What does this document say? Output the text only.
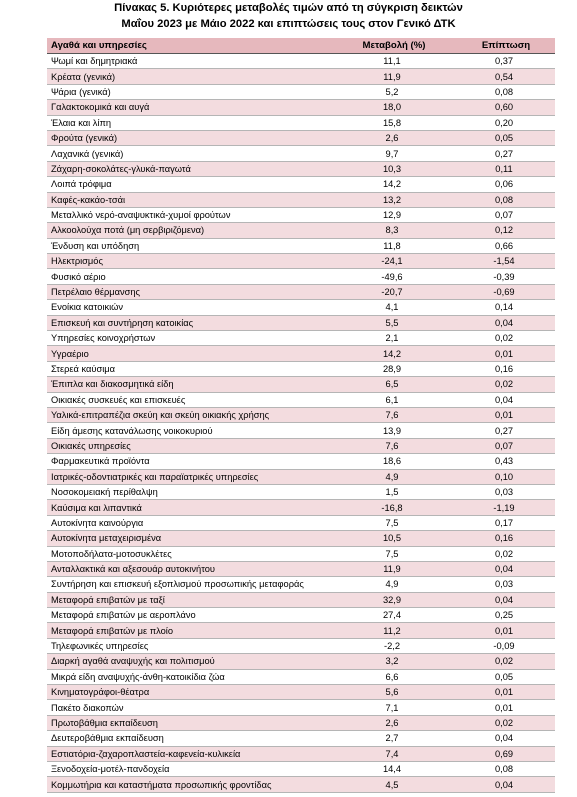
Πίνακας 5. Κυριότερες μεταβολές τιμών από τη σύγκριση δεικτών
Μαΐου 2023 με Μάιο 2022 και επιπτώσεις τους στον Γενικό ΔΤΚ
Αγαθά και υπηρεσίες	Μεταβολή (%)	Επίπτωση
Ψωμί και δημητριακά	11,1	0,37
Κρέατα (γενικά)	11,9	0,54
Ψάρια (γενικά)	5,2	0,08
Γαλακτοκομικά και αυγά	18,0	0,60
Έλαια και λίπη	15,8	0,20
Φρούτα (γενικά)	2,6	0,05
Λαχανικά (γενικά)	9,7	0,27
Ζάχαρη-σοκολάτες-γλυκά-παγωτά	10,3	0,11
Λοιπά τρόφιμα	14,2	0,06
Καφές-κακάο-τσάι	13,2	0,08
Μεταλλικό νερό-αναψυκτικά-χυμοί φρούτων	12,9	0,07
Αλκοολούχα ποτά (μη σερβιριζόμενα)	8,3	0,12
Ένδυση και υπόδηση	11,8	0,66
Ηλεκτρισμός	-24,1	-1,54
Φυσικό αέριο	-49,6	-0,39
Πετρέλαιο θέρμανσης	-20,7	-0,69
Ενοίκια κατοικιών	4,1	0,14
Επισκευή και συντήρηση κατοικίας	5,5	0,04
Υπηρεσίες κοινοχρήστων	2,1	0,02
Υγραέριο	14,2	0,01
Στερεά καύσιμα	28,9	0,16
Έπιπλα και διακοσμητικά είδη	6,5	0,02
Οικιακές συσκευές και επισκευές	6,1	0,04
Υαλικά-επιτραπέζια σκεύη και σκεύη οικιακής χρήσης	7,6	0,01
Είδη άμεσης κατανάλωσης νοικοκυριού	13,9	0,27
Οικιακές υπηρεσίες	7,6	0,07
Φαρμακευτικά προϊόντα	18,6	0,43
Ιατρικές-οδοντιατρικές και παραϊατρικές υπηρεσίες	4,9	0,10
Νοσοκομειακή περίθαλψη	1,5	0,03
Καύσιμα και λιπαντικά	-16,8	-1,19
Αυτοκίνητα καινούργια	7,5	0,17
Αυτοκίνητα μεταχειρισμένα	10,5	0,16
Μοτοποδήλατα-μοτοσυκλέτες	7,5	0,02
Ανταλλακτικά και αξεσουάρ αυτοκινήτου	11,9	0,04
Συντήρηση και επισκευή εξοπλισμού προσωπικής μεταφοράς	4,9	0,03
Μεταφορά επιβατών με ταξί	32,9	0,04
Μεταφορά επιβατών με αεροπλάνο	27,4	0,25
Μεταφορά επιβατών με πλοίο	11,2	0,01
Τηλεφωνικές υπηρεσίες	-2,2	-0,09
Διαρκή αγαθά αναψυχής και πολιτισμού	3,2	0,02
Μικρά είδη αναψυχής-άνθη-κατοικίδια ζώα	6,6	0,05
Κινηματογράφοι-θέατρα	5,6	0,01
Πακέτο διακοπών	7,1	0,01
Πρωτοβάθμια εκπαίδευση	2,6	0,02
Δευτεροβάθμια εκπαίδευση	2,7	0,04
Εστιατόρια-ζαχαροπλαστεία-καφενεία-κυλικεία	7,4	0,69
Ξενοδοχεία-μοτέλ-πανδοχεία	14,4	0,08
Κομμωτήρια και καταστήματα προσωπικής φροντίδας	4,5	0,04
